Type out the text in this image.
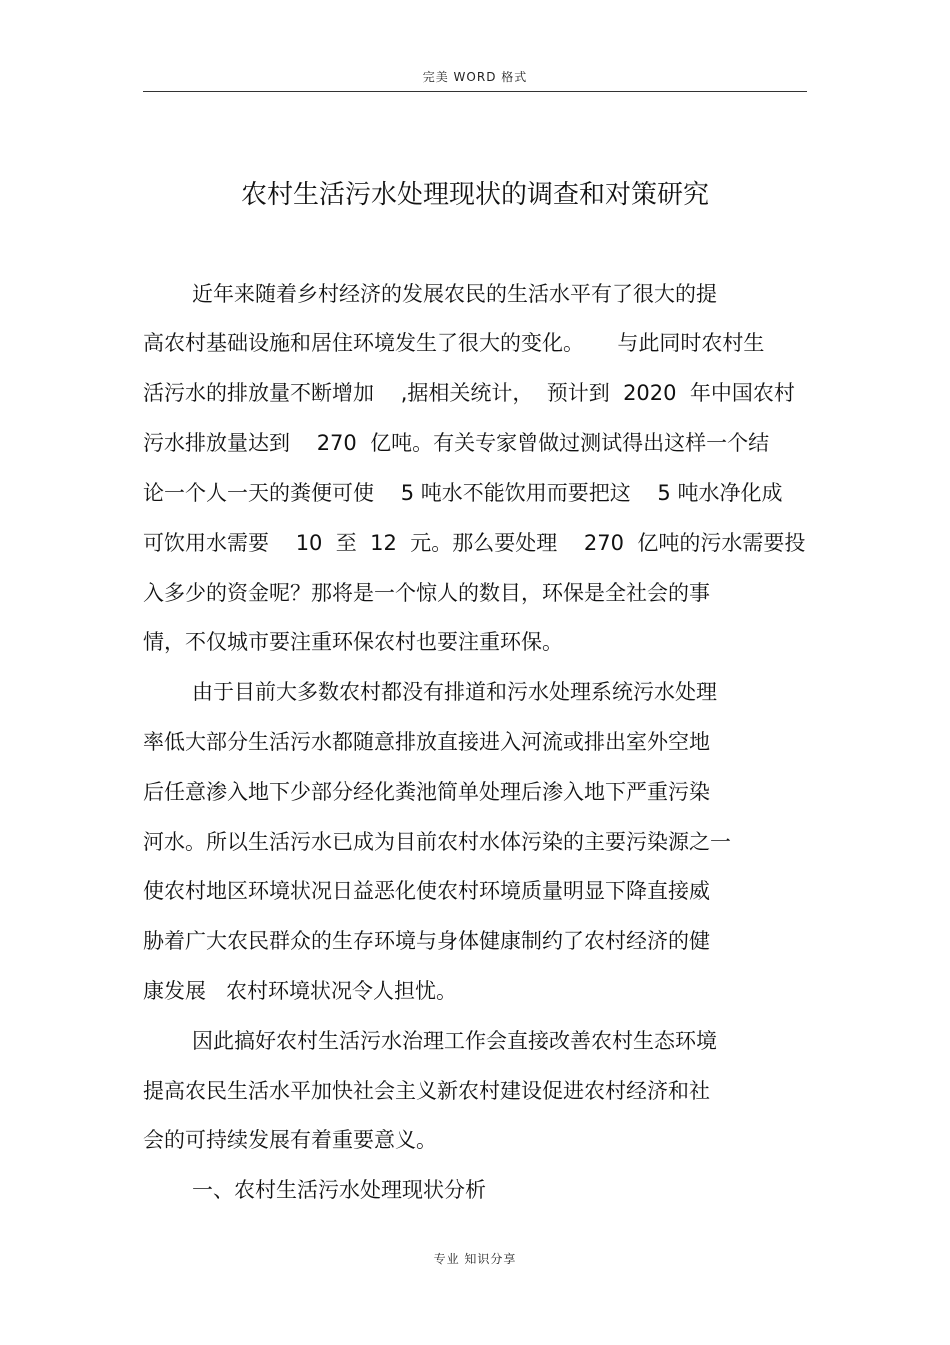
完美 WORD 格式
农村生活污水处理现状的调查和对策研究
近年来随着乡村经济的发展农民的生活水平有了很大的提
高农村基础设施和居住环境发生了很大的变化。     与此同时农村生
活污水的排放量不断增加    ,据相关统计，  预计到  2020  年中国农村
污水排放量达到    270  亿吨。有关专家曾做过测试得出这样一个结
论一个人一天的粪便可使    5 吨水不能饮用而要把这    5 吨水净化成
可饮用水需要    10  至  12  元。那么要处理    270  亿吨的污水需要投
入多少的资金呢？那将是一个惊人的数目，环保是全社会的事
情，不仅城市要注重环保农村也要注重环保。
由于目前大多数农村都没有排道和污水处理系统污水处理
率低大部分生活污水都随意排放直接进入河流或排出室外空地
后任意渗入地下少部分经化粪池简单处理后渗入地下严重污染
河水。所以生活污水已成为目前农村水体污染的主要污染源之一
使农村地区环境状况日益恶化使农村环境质量明显下降直接威
胁着广大农民群众的生存环境与身体健康制约了农村经济的健
康发展   农村环境状况令人担忧。
因此搞好农村生活污水治理工作会直接改善农村生态环境
提高农民生活水平加快社会主义新农村建设促进农村经济和社
会的可持续发展有着重要意义。
一、农村生活污水处理现状分析
专业 知识分享
